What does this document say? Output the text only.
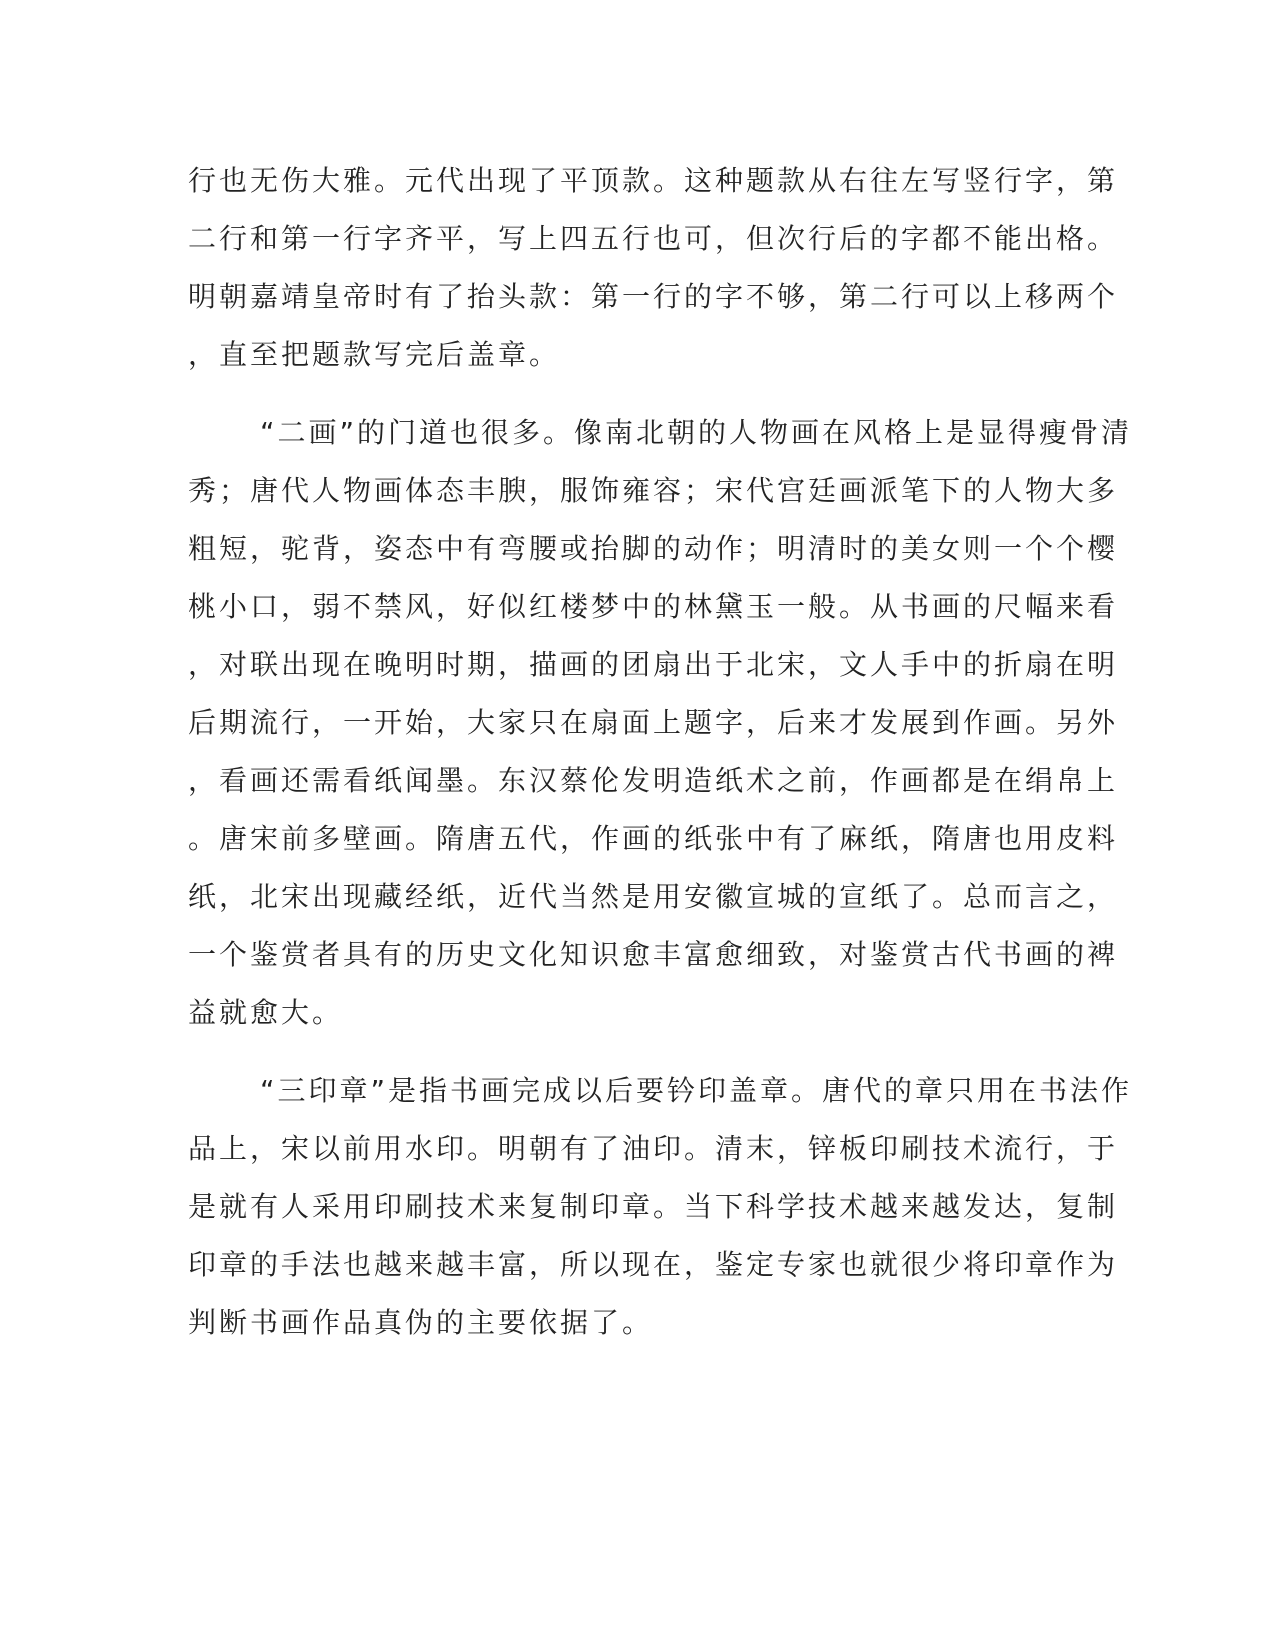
行也无伤大雅。元代出现了平顶款。这种题款从右往左写竖行字，第
二行和第一行字齐平，写上四五行也可，但次行后的字都不能出格。
明朝嘉靖皇帝时有了抬头款：第一行的字不够，第二行可以上移两个
，直至把题款写完后盖章。
“二画”的门道也很多。像南北朝的人物画在风格上是显得瘦骨清
秀；唐代人物画体态丰腴，服饰雍容；宋代宫廷画派笔下的人物大多
粗短，驼背，姿态中有弯腰或抬脚的动作；明清时的美女则一个个樱
桃小口，弱不禁风，好似红楼梦中的林黛玉一般。从书画的尺幅来看
，对联出现在晚明时期，描画的团扇出于北宋，文人手中的折扇在明
后期流行，一开始，大家只在扇面上题字，后来才发展到作画。另外
，看画还需看纸闻墨。东汉蔡伦发明造纸术之前，作画都是在绢帛上
。唐宋前多壁画。隋唐五代，作画的纸张中有了麻纸，隋唐也用皮料
纸，北宋出现藏经纸，近代当然是用安徽宣城的宣纸了。总而言之，
一个鉴赏者具有的历史文化知识愈丰富愈细致，对鉴赏古代书画的裨
益就愈大。
“三印章”是指书画完成以后要钤印盖章。唐代的章只用在书法作
品上，宋以前用水印。明朝有了油印。清末，锌板印刷技术流行，于
是就有人采用印刷技术来复制印章。当下科学技术越来越发达，复制
印章的手法也越来越丰富，所以现在，鉴定专家也就很少将印章作为
判断书画作品真伪的主要依据了。
